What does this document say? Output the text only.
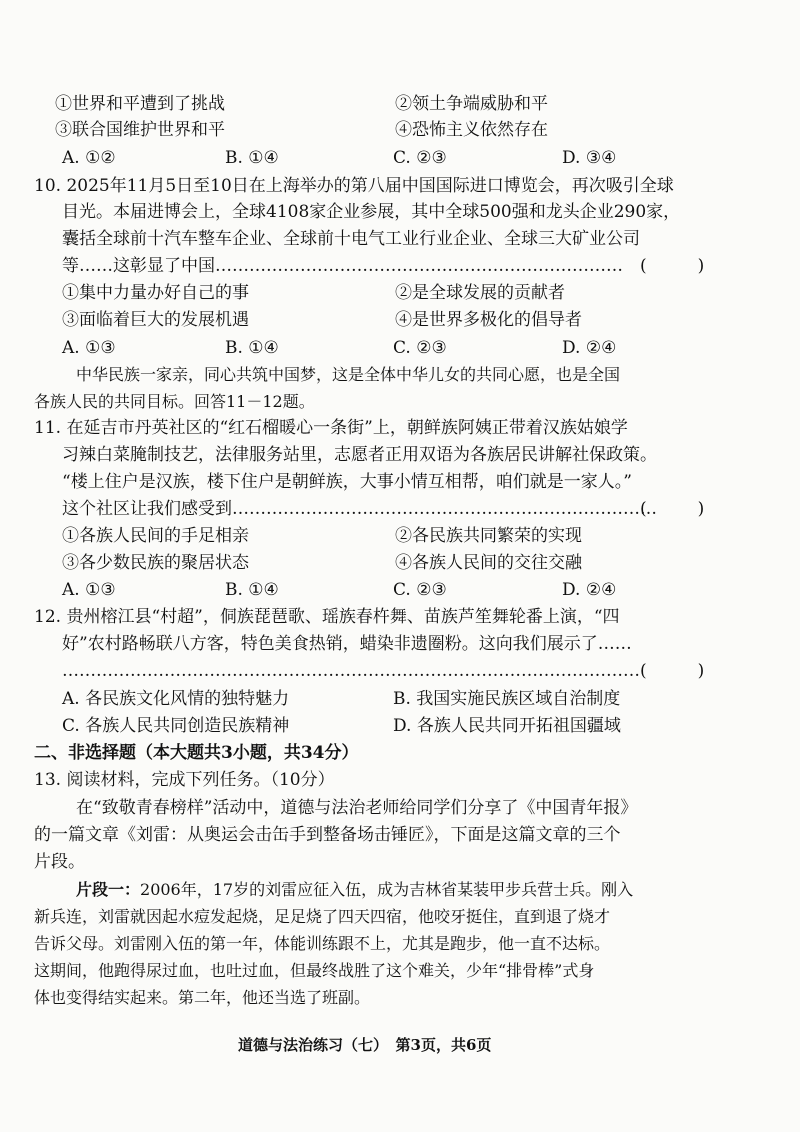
①世界和平遭到了挑战	②领土争端威胁和平
③联合国维护世界和平	④恐怖主义依然存在
A. ①②	B. ①④	C. ②③	D. ③④
10. 2025年11月5日至10日在上海举办的第八届中国国际进口博览会，再次吸引全球
目光。本届进博会上，全球4108家企业参展，其中全球500强和龙头企业290家，
囊括全球前十汽车整车企业、全球前十电气工业行业企业、全球三大矿业公司
等……这彰显了中国……………………………………………………………… (　　　)
①集中力量办好自己的事	②是全球发展的贡献者
③面临着巨大的发展机遇	④是世界多极化的倡导者
A. ①③	B. ①④	C. ②③	D. ②④
中华民族一家亲，同心共筑中国梦，这是全体中华儿女的共同心愿，也是全国
各族人民的共同目标。回答11－12题。
11. 在延吉市丹英社区的“红石榴暖心一条街”上，朝鲜族阿姨正带着汉族姑娘学
习辣白菜腌制技艺，法律服务站里，志愿者正用双语为各族居民讲解社保政策。
“楼上住户是汉族，楼下住户是朝鲜族，大事小情互相帮，咱们就是一家人。”
这个社区让我们感受到…………………………………………………………………
(　　　)
①各族人民间的手足相亲	②各民族共同繁荣的实现
③各少数民族的聚居状态	④各族人民间的交往交融
A. ①③	B. ①④	C. ②③	D. ②④
12. 贵州榕江县“村超”，侗族琵琶歌、瑶族春杵舞、苗族芦笙舞轮番上演，“四
好”农村路畅联八方客，特色美食热销，蜡染非遗圈粉。这向我们展示了……
………………………………………………………………………………………… (　　　)
A. 各民族文化风情的独特魅力	B. 我国实施民族区域自治制度
C. 各族人民共同创造民族精神	D. 各族人民共同开拓祖国疆域
二、非选择题（本大题共3小题，共34分）
13. 阅读材料，完成下列任务。（10分）
在“致敬青春榜样”活动中，道德与法治老师给同学们分享了《中国青年报》
的一篇文章《刘雷：从奥运会击缶手到整备场击锤匠》，下面是这篇文章的三个
片段。
片段一：2006年，17岁的刘雷应征入伍，成为吉林省某装甲步兵营士兵。刚入
新兵连，刘雷就因起水痘发起烧，足足烧了四天四宿，他咬牙挺住，直到退了烧才
告诉父母。刘雷刚入伍的第一年，体能训练跟不上，尤其是跑步，他一直不达标。
这期间，他跑得尿过血，也吐过血，但最终战胜了这个难关，少年“排骨棒”式身
体也变得结实起来。第二年，他还当选了班副。
道德与法治练习（七）　第3页，共6页
